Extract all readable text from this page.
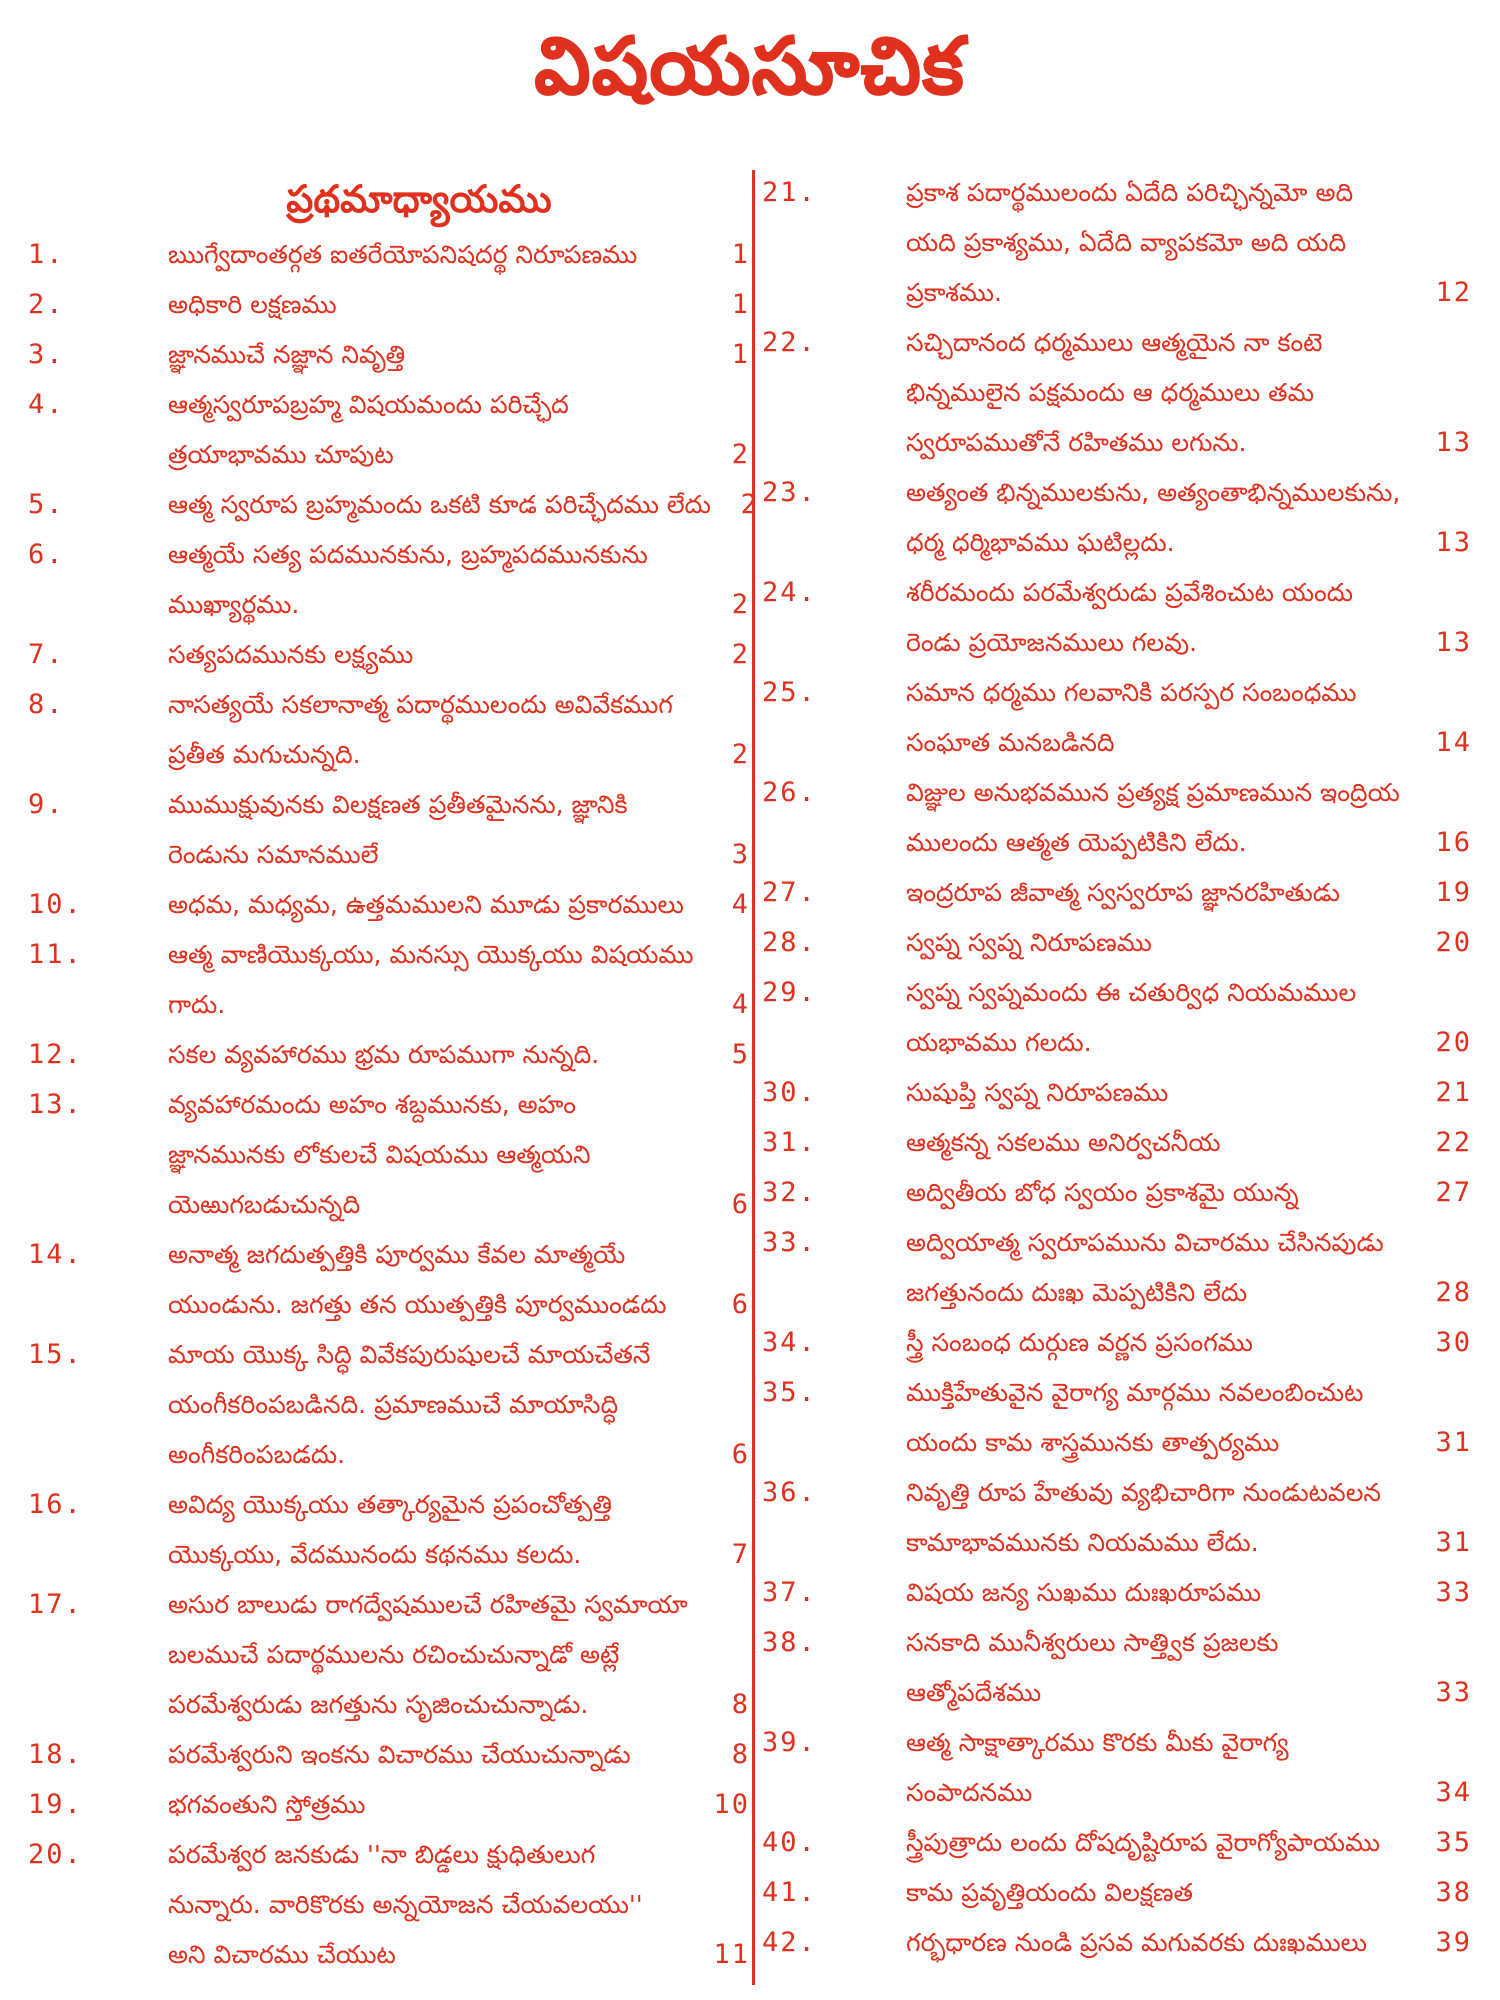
విషయసూచిక
ప్రథమాధ్యాయము
1.	ఋగ్వేదాంతర్గత ఐతరేయోపనిషదర్థ నిరూపణము	1
2.	అధికారి లక్షణము	1
3.	జ్ఞానముచే నజ్ఞాన నివృత్తి	1
4.	ఆత్మస్వరూపబ్రహ్మ విషయమందు పరిచ్ఛేద
త్రయాభావము చూపుట	2
5.	ఆత్మ స్వరూప బ్రహ్మమందు ఒకటి కూడ పరిచ్ఛేదము లేదు	2
6.	ఆత్మయే సత్య పదమునకును, బ్రహ్మపదమునకును
ముఖ్యార్థము.	2
7.	సత్యపదమునకు లక్ష్యము	2
8.	నాసత్యయే సకలానాత్మ పదార్థములందు అవివేకముగ
ప్రతీత మగుచున్నది.	2
9.	ముముక్షువునకు విలక్షణత ప్రతీతమైనను, జ్ఞానికి
రెండును సమానములే	3
10.	అధమ, మధ్యమ, ఉత్తమములని మూడు ప్రకారములు	4
11.	ఆత్మ వాణియొక్కయు, మనస్సు యొక్కయు విషయము
గాదు.	4
12.	సకల వ్యవహారము భ్రమ రూపముగా నున్నది.	5
13.	వ్యవహారమందు అహం శబ్దమునకు, అహం
జ్ఞానమునకు లోకులచే విషయము ఆత్మయని
యెఱుగబడుచున్నది	6
14.	అనాత్మ జగదుత్పత్తికి పూర్వము కేవల మాత్మయే
యుండును. జగత్తు తన యుత్పత్తికి పూర్వముండదు	6
15.	మాయ యొక్క సిద్ధి వివేకపురుషులచే మాయచేతనే
యంగీకరింపబడినది. ప్రమాణముచే మాయాసిద్ధి
అంగీకరింపబడదు.	6
16.	అవిద్య యొక్కయు తత్కార్యమైన ప్రపంచోత్పత్తి
యొక్కయు, వేదమునందు కథనము కలదు.	7
17.	అసుర బాలుడు రాగద్వేషములచే రహితమై స్వమాయా
బలముచే పదార్థములను రచించుచున్నాడో అట్లే
పరమేశ్వరుడు జగత్తును సృజించుచున్నాడు.	8
18.	పరమేశ్వరుని ఇంకను విచారము చేయుచున్నాడు	8
19.	భగవంతుని స్తోత్రము	10
20.	పరమేశ్వర జనకుడు ''నా బిడ్డలు క్షుధితులుగ
నున్నారు. వారికొరకు అన్నయోజన చేయవలయు''
అని విచారము చేయుట	11
21.	ప్రకాశ పదార్థములందు ఏదేది పరిచ్ఛిన్నమో అది
యది ప్రకాశ్యము, ఏదేది వ్యాపకమో అది యది
ప్రకాశము.	12
22.	సచ్చిదానంద ధర్మములు ఆత్మయైన నా కంటె
భిన్నములైన పక్షమందు ఆ ధర్మములు తమ
స్వరూపముతోనే రహితము లగును.	13
23.	అత్యంత భిన్నములకును, అత్యంతాభిన్నములకును,
ధర్మ ధర్మిభావము ఘటిల్లదు.	13
24.	శరీరమందు పరమేశ్వరుడు ప్రవేశించుట యందు
రెండు ప్రయోజనములు గలవు.	13
25.	సమాన ధర్మము గలవానికి పరస్పర సంబంధము
సంఘాత మనబడినది	14
26.	విజ్ఞుల అనుభవమున ప్రత్యక్ష ప్రమాణమున ఇంద్రియ
ములందు ఆత్మత యెప్పటికిని లేదు.	16
27.	ఇంద్రరూప జీవాత్మ స్వస్వరూప జ్ఞానరహితుడు	19
28.	స్వప్న స్వప్న నిరూపణము	20
29.	స్వప్న స్వప్నమందు ఈ చతుర్విధ నియమముల
యభావము గలదు.	20
30.	సుషుప్తి స్వప్న నిరూపణము	21
31.	ఆత్మకన్న సకలము అనిర్వచనీయ	22
32.	అద్వితీయ బోధ స్వయం ప్రకాశమై యున్న	27
33.	అద్వియాత్మ స్వరూపమును విచారము చేసినపుడు
జగత్తునందు దుఃఖ మెప్పటికిని లేదు	28
34.	స్త్రీ సంబంధ దుర్గుణ వర్ణన ప్రసంగము	30
35.	ముక్తిహేతువైన వైరాగ్య మార్గము నవలంబించుట
యందు కామ శాస్త్రమునకు తాత్పర్యము	31
36.	నివృత్తి రూప హేతువు వ్యభిచారిగా నుండుటవలన
కామాభావమునకు నియమము లేదు.	31
37.	విషయ జన్య సుఖము దుఃఖరూపము	33
38.	సనకాది మునీశ్వరులు సాత్త్విక ప్రజలకు
ఆత్మోపదేశము	33
39.	ఆత్మ సాక్షాత్కారము కొరకు మీకు వైరాగ్య
సంపాదనము	34
40.	స్త్రీపుత్రాదు లందు దోషదృష్టిరూప వైరాగ్యోపాయము	35
41.	కామ ప్రవృత్తియందు విలక్షణత	38
42.	గర్భధారణ నుండి ప్రసవ మగువరకు దుఃఖములు	39
